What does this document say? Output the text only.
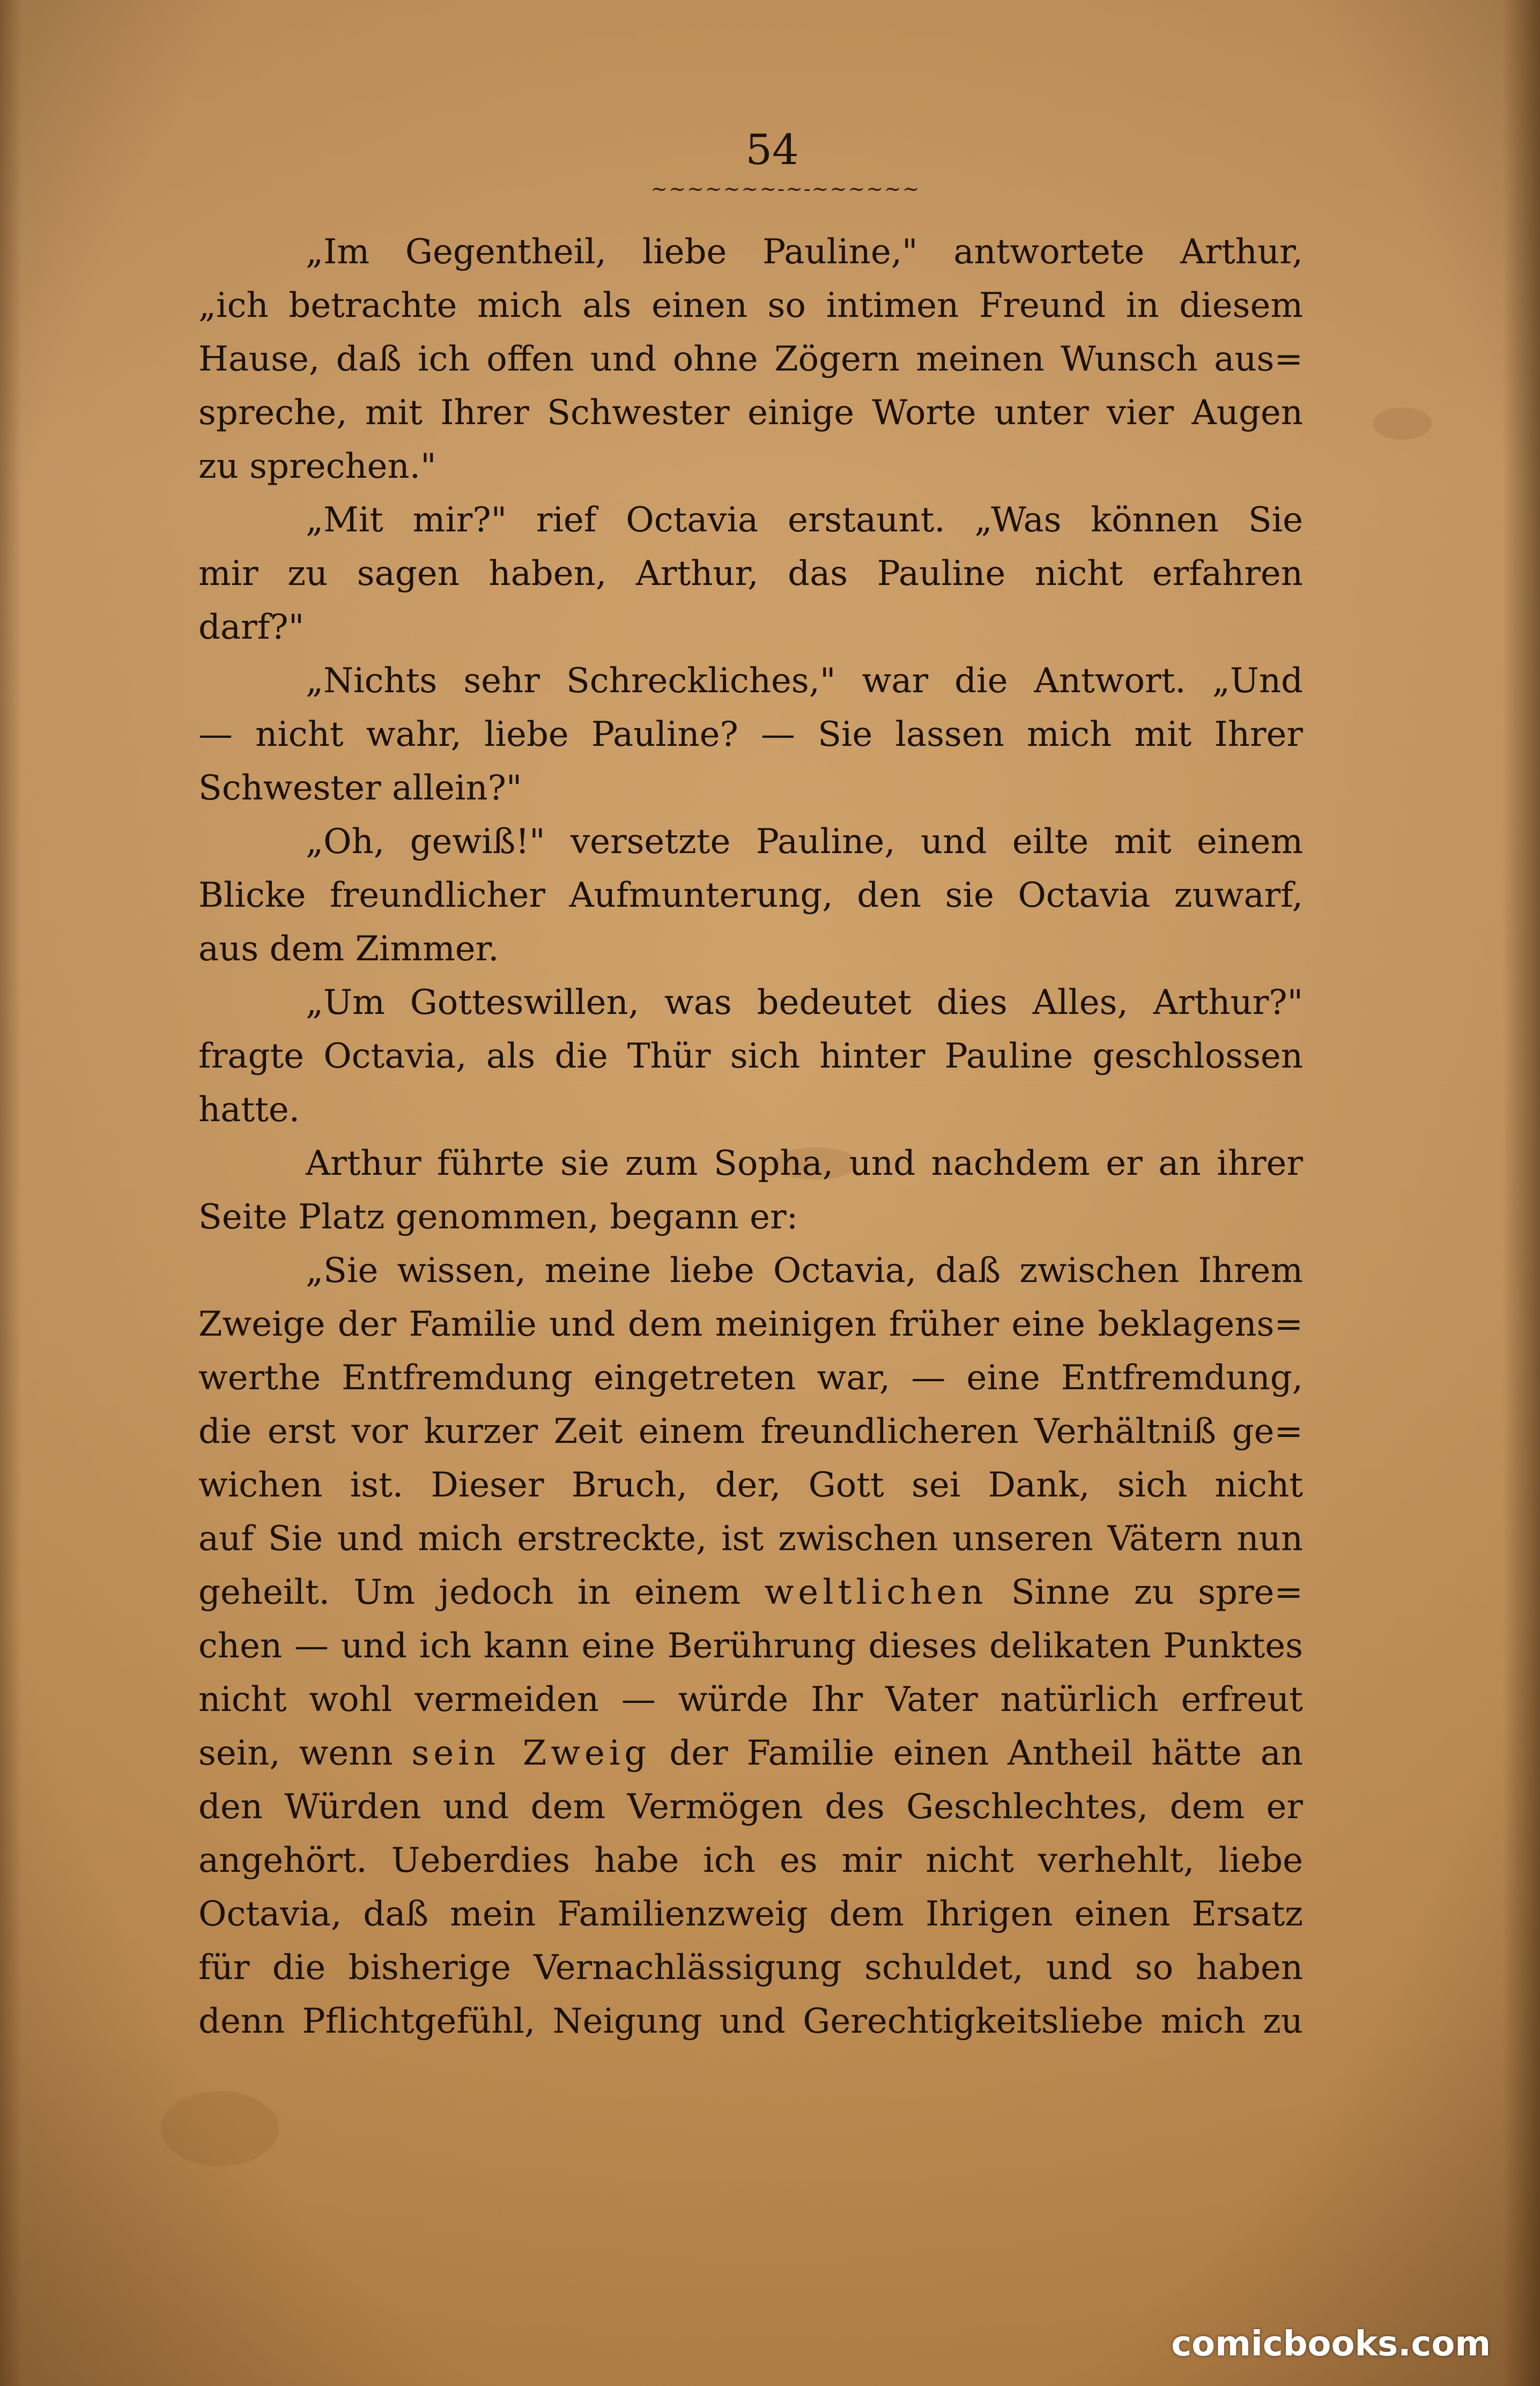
54
~~~~~~~-~-~~~~~~
„Im Gegentheil, liebe Pauline," antwortete Arthur,
„ich betrachte mich als einen so intimen Freund in diesem
Hause, daß ich offen und ohne Zögern meinen Wunsch aus=
spreche, mit Ihrer Schwester einige Worte unter vier Augen
zu sprechen."
„Mit mir?" rief Octavia erstaunt. „Was können Sie
mir zu sagen haben, Arthur, das Pauline nicht erfahren
darf?"
„Nichts sehr Schreckliches," war die Antwort. „Und
— nicht wahr, liebe Pauline? — Sie lassen mich mit Ihrer
Schwester allein?"
„Oh, gewiß!" versetzte Pauline, und eilte mit einem
Blicke freundlicher Aufmunterung, den sie Octavia zuwarf,
aus dem Zimmer.
„Um Gotteswillen, was bedeutet dies Alles, Arthur?"
fragte Octavia, als die Thür sich hinter Pauline geschlossen
hatte.
Arthur führte sie zum Sopha, und nachdem er an ihrer
Seite Platz genommen, begann er:
„Sie wissen, meine liebe Octavia, daß zwischen Ihrem
Zweige der Familie und dem meinigen früher eine beklagens=
werthe Entfremdung eingetreten war, — eine Entfremdung,
die erst vor kurzer Zeit einem freundlicheren Verhältniß ge=
wichen ist. Dieser Bruch, der, Gott sei Dank, sich nicht
auf Sie und mich erstreckte, ist zwischen unseren Vätern nun
geheilt. Um jedoch in einem weltlichen Sinne zu spre=
chen — und ich kann eine Berührung dieses delikaten Punktes
nicht wohl vermeiden — würde Ihr Vater natürlich erfreut
sein, wenn sein Zweig der Familie einen Antheil hätte an
den Würden und dem Vermögen des Geschlechtes, dem er
angehört. Ueberdies habe ich es mir nicht verhehlt, liebe
Octavia, daß mein Familienzweig dem Ihrigen einen Ersatz
für die bisherige Vernachlässigung schuldet, und so haben
denn Pflichtgefühl, Neigung und Gerechtigkeitsliebe mich zu
comicbooks.com
